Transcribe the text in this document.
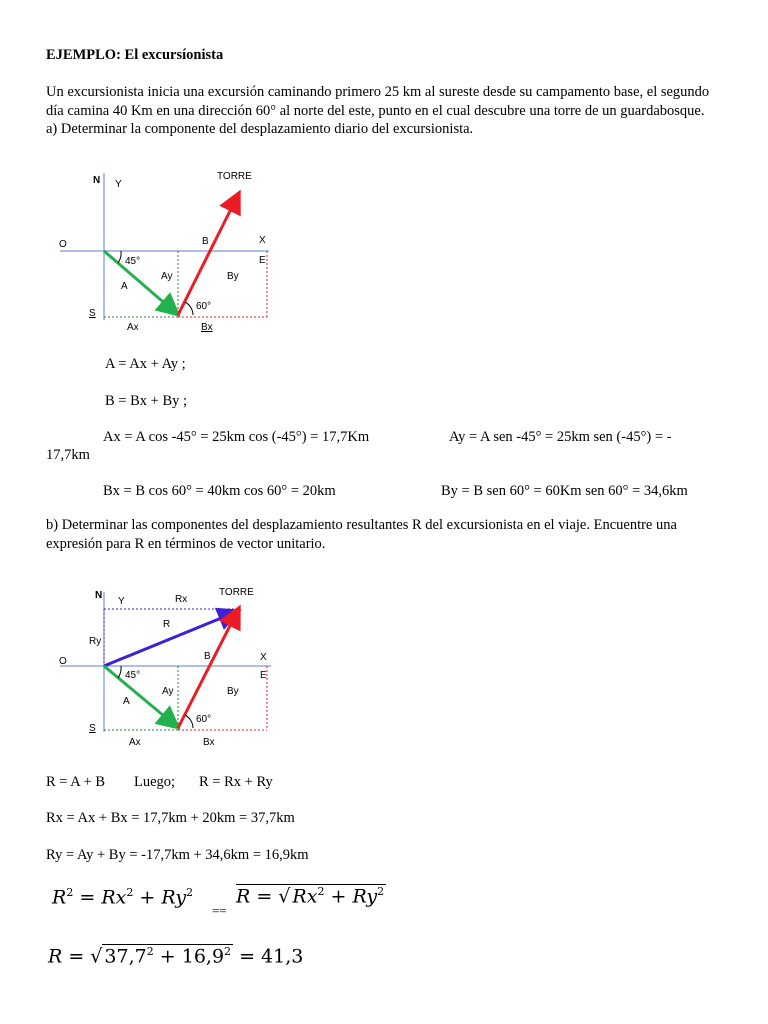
EJEMPLO: El excursíonista
Un excursionista inicia una excursión caminando primero 25 km al sureste desde su campamento base, el segundo día camina 40 Km en una dirección 60° al norte del este, punto en el cual descubre una torre de un guardabosque. a) Determinar la componente del desplazamiento diario del excursionista.
N Y
TORRE
O	X
E
B
45°
Ay	By
A
60°
S
Ax	Bx
A = Ax + Ay ;
B = Bx + By ;
Ax = A cos -45° = 25km cos (-45°) = 17,7Km	Ay = A sen -45° = 25km sen (-45°) = -
17,7km
Bx = B cos 60° = 40km cos 60° = 20km	By = B sen 60° = 60Km sen 60° = 34,6km
b) Determinar las componentes del desplazamiento resultantes R del excursionista en el viaje. Encuentre una expresión para R en términos de vector unitario.
N
Y	Rx
TORRE
R
Ry
O	B	X
E
45°
Ay	By
A
60°
S
Ax	Bx
R = A + B Luego; R = Rx + Ry
Rx = Ax + Bx = 17,7km + 20km = 37,7km
Ry = Ay + By = -17,7km + 34,6km = 16,9km
$R^2 = Rx^2 + Ry^2$
==
R = √ $Rx^2 + Ry^2$
R = √ $37,7^2 + 16,9^2 = 41,3$
